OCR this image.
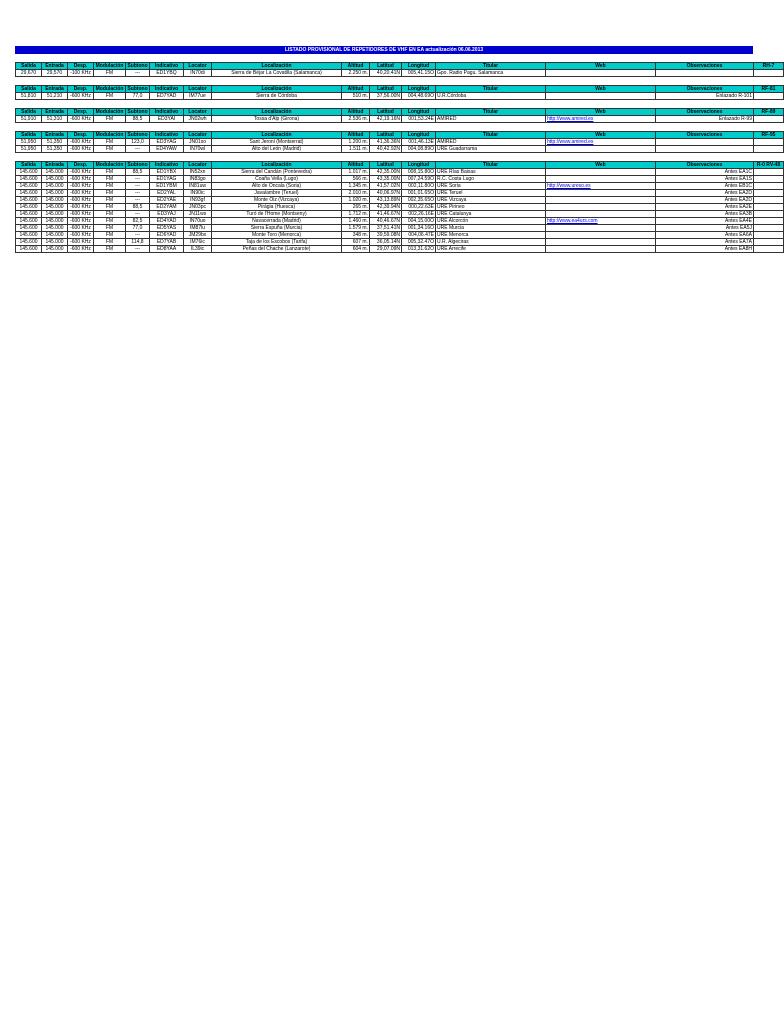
LISTADO PROVISIONAL DE REPETIDORES DE VHF EN EA actualización 06.06.2013
Salida	Entrada	Desp.	Modulación	Subtono	Indicativo	Locator	Localización	Altitud	Latitud	Longitud	Titular	Web	Observaciones	RH-7
29,670	29,570	-100 KHz	FM	---	ED1YBQ	IN70di	Sierra de Béjar La Covatilla (Salamanca)	2.250 m.	40,20.41N	005,41.15O	Gpo. Radio Pagu. Salamanca			
Salida	Entrada	Desp.	Modulación	Subtono	Indicativo	Locator	Localización	Altitud	Latitud	Longitud	Titular	Web	Observaciones	RF-81
51,810	51,210	-600 KHz	FM	77,0	ED7YAD	IM77ue	Sierra de Córdoba	510 m.	37,56.00N	004,48.69O	U.R.Córdoba		Enlazado R-101	
Salida	Entrada	Desp.	Modulación	Subtono	Indicativo	Locator	Localización	Altitud	Latitud	Longitud	Titular	Web	Observaciones	RF-89
51,910	51,310	-600 KHz	FM	88,5	ED3YAI	JN02wh	Tossa d'Alp (Girona)	2.536 m.	42,19.16N	001,53.24E	AMIRED	http://www.amired.es	Enlazado R-99	
Salida	Entrada	Desp.	Modulación	Subtono	Indicativo	Locator	Localización	Altitud	Latitud	Longitud	Titular	Web	Observaciones	RF-95
51,950	51,350	-600 KHz	FM	123,0	ED3YAG	JN01xo	Sant Jeroni (Montserrat)	1.200 m.	41,36.36N	001,46.13E	AMIRED	http://www.amired.es		
51,950	51,350	-600 KHz	FM	---	ED4YAW	IN70wl	Alto del León (Madrid)	1.511 m.	40,42.92N	004,08.89O	URE Guadarrama			
Salida	Entrada	Desp.	Modulación	Subtono	Indicativo	Locator	Localización	Altitud	Latitud	Longitud	Titular	Web	Observaciones	R-0 RV-48
145.600	145.000	-600 KHz	FM	88,5	ED1YBX	IN52xn	Sierra del Candán (Pontevedra)	1.017 m.	42,35.00N	008,15.80O	URE Rías Baixas		Antes EA1C	
145.600	145.000	-600 KHz	FM	---	ED1YAG	IN83go	Coaña Vella (Lugo)	566 m.	43,35.00N	007,24.59O	R.C. Costa Lugo		Antes EA1S	
145.600	145.000	-600 KHz	FM	---	ED1YBM	IN81uw	Alto de Oncala (Soria)	1.345 m.	41,57.02N	002,11.80O	URE Soria	http://www.ureso.es	Antes EB1C	
145.600	145.000	-600 KHz	FM	---	ED2YAL	IN90ic	Javalambre (Teruel)	2.010 m.	40,06.97N	001,01.65O	URE Teruel		Antes EA2D	
145.600	145.000	-600 KHz	FM	---	ED2YAE	IN93gf	Monte Oiz (Vizcaya)	1.020 m.	43,13.89N	002,35.65O	URE Vizcaya		Antes EA2D	
145.600	145.000	-600 KHz	FM	88,5	ED2YAM	JN03pc	Pirágia (Huesca)	265 m.	42,39.94N	000,22.63E	URE Pirineo		Antes EA2E	
145.600	145.000	-600 KHz	FM	---	ED3YAJ	JN11ws	Turó de l'Home (Montseny)	1.712 m.	41,46.67N	002,26.16E	URE Catalunya		Antes EA3B	
145.600	145.000	-600 KHz	FM	82,5	ED4YAD	IN70uo	Navacerrada (Madrid)	1.460 m.	40,46.67N	004,15.00O	URE Alcorcón	http://www.ea4urs.com	Antes EA4E	
145.600	145.000	-600 KHz	FM	77,0	ED5YAS	IM87lu	Sierra Espuña (Murcia)	1.579 m.	37,51.41N	001,34.16O	URE Murcia		Antes EA5J	
145.600	145.000	-600 KHz	FM	---	ED6YAD	JM29bx	Monte Toro (Menorca)	348 m.	39,59.08N	004,06.47E	URE Menorca		Antes EA6A	
145.600	145.000	-600 KHz	FM	114,8	ED7YAB	IM76ic	Taja de los Escobos (Tarifa)	607 m.	36,05.14N	005,32.47O	U.R. Algeciras		Antes EA7A	
145.600	145.000	-600 KHz	FM	---	ED8YAA	IL39ic	Peñas del Chache (Lanzarote)	604 m.	29,07.09N	013,31.62O	URE Arrecife		Antes EA8H	
